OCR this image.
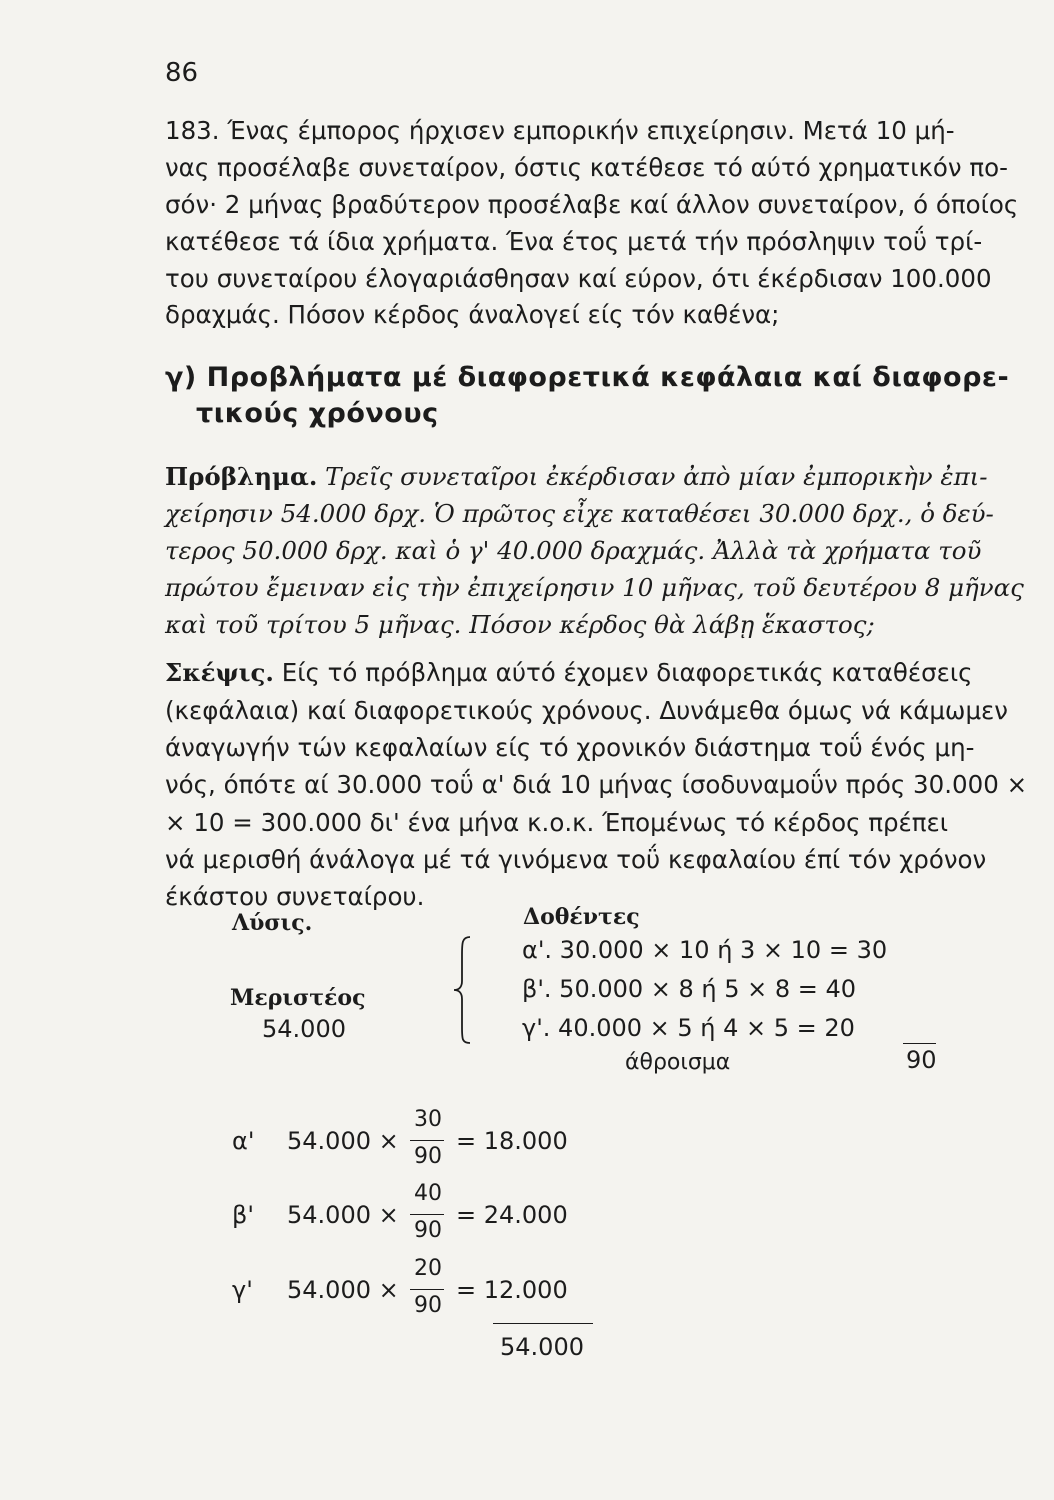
86
183. Ένας έμπορος ήρχισεν εμπορικήν επιχείρησιν. Μετά 10 μή-
νας προσέλαβε συνεταίρον, όστις κατέθεσε τό αύτό χρηματικόν πο-
σόν· 2 μήνας βραδύτερον προσέλαβε καί άλλον συνεταίρον, ό όποίος
κατέθεσε τά ίδια χρήματα. Ένα έτος μετά τήν πρόσληψιν τοΰ τρί-
του συνεταίρου έλογαριάσθησαν καί εύρον, ότι έκέρδισαν 100.000
δραχμάς. Πόσον κέρδος άναλογεί είς τόν καθένα;
γ) Προβλήματα μέ διαφορετικά κεφάλαια καί διαφορε-
τικούς χρόνους
Πρόβλημα. Τρεῖς συνεταῖροι ἐκέρδισαν ἀπὸ μίαν ἐμπορικὴν ἐπι-
χείρησιν 54.000 δρχ. Ὁ πρῶτος εἶχε καταθέσει 30.000 δρχ., ὁ δεύ-
τερος 50.000 δρχ. καὶ ὁ γ' 40.000 δραχμάς. Ἀλλὰ τὰ χρήματα τοῦ
πρώτου ἔμειναν εἰς τὴν ἐπιχείρησιν 10 μῆνας, τοῦ δευτέρου 8 μῆνας
καὶ τοῦ τρίτου 5 μῆνας. Πόσον κέρδος θὰ λάβῃ ἕκαστος;
Σκέψις. Είς τό πρόβλημα αύτό έχομεν διαφορετικάς καταθέσεις
(κεφάλαια) καί διαφορετικούς χρόνους. Δυνάμεθα όμως νά κάμωμεν
άναγωγήν τών κεφαλαίων είς τό χρονικόν διάστημα τοΰ ένός μη-
νός, όπότε αί 30.000 τοΰ α' διά 10 μήνας ίσοδυναμοΰν πρός 30.000 ×
× 10 = 300.000 δι' ένα μήνα κ.ο.κ. Έπομένως τό κέρδος πρέπει
νά μερισθή άνάλογα μέ τά γινόμενα τοΰ κεφαλαίου έπί τόν χρόνον
έκάστου συνεταίρου.
Λύσις.	Δοθέντες
Μεριστέος
54.000
α'. 30.000 × 10 ή 3 × 10 = 30
β'. 50.000 × 8 ή 5 × 8 = 40
γ'. 40.000 × 5 ή 4 × 5 = 20
90
άθροισμα
α' 54.000 ×
30
90
= 18.000
β' 54.000 ×
40
90
= 24.000
γ' 54.000 ×
20
90
= 12.000
54.000
